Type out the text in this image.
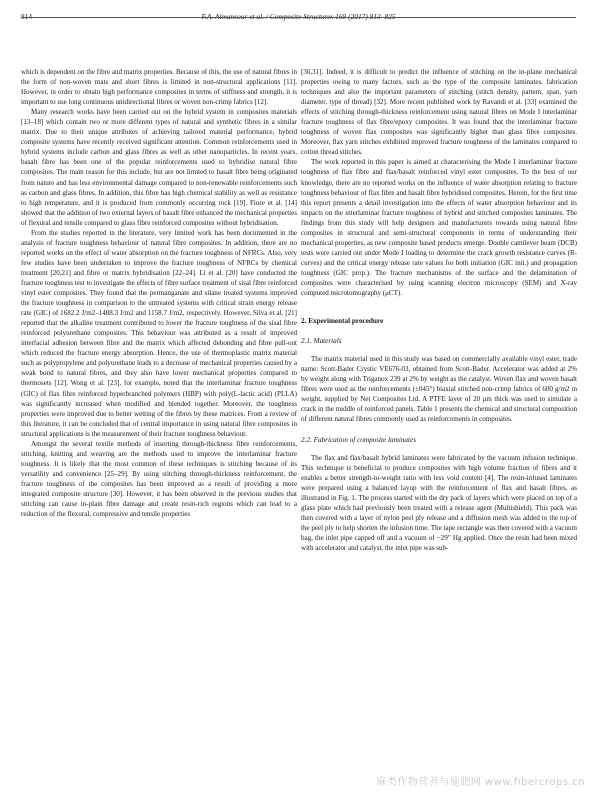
814	F.A. Almansour et al. / Composite Structures 168 (2017) 813–825

which is dependent on the fibre and matrix properties. Because of this, the use of natural fibres in the form of non-woven mats and short fibres is limited in non-structural applications [11]. However, in order to obtain high performance composites in terms of stiffness and strength, it is important to use long continuous unidirectional fibres or woven non-crimp fabrics [12].

Many research works have been carried out on the hybrid system in composites materials [13–18] which contain two or more different types of natural and synthetic fibres in a similar matrix. Due to their unique attributes of achieving tailored material performance, hybrid composite systems have recently received significant attention. Common reinforcements used in hybrid systems include carbon and glass fibres as well as other nanoparticles. In recent years, basalt fibre has been one of the popular reinforcements used to hybridise natural fibre composites. The main reason for this include, but are not limited to basalt fibre being originated from nature and has less environmental damage compared to non-renewable reinforcements such as carbon and glass fibres. In addition, this fibre has high chemical stability as well as resistance to high temperature, and it is produced from commonly occurring rock [19]. Fiore et al. [14] showed that the addition of two external layers of basalt fibre enhanced the mechanical properties of flexural and tensile compared to glass fibre reinforced composites without hybridisation.

From the studies reported in the literature, very limited work has been documented in the analysis of fracture toughness behaviour of natural fibre composites. In addition, there are no reported works on the effect of water absorption on the fracture toughness of NFRCs. Also, very few studies have been undertaken to improve the fracture toughness of NFRCs by chemical treatment [20,21] and fibre or matrix hybridisation [22–24]. Li et al. [20] have conducted the fracture toughness test to investigate the effects of fibre surface treatment of sisal fibre reinforced vinyl ester composites. They found that the permanganate and silane treated systems improved the fracture toughness in comparison to the untreated systems with critical strain energy release rate (GIC) of 1682.2 J/m2–1488.3 J/m2 and 1158.7 J/m2, respectively. However, Silva et al. [21] reported that the alkaline treatment contributed to lower the fracture toughness of the sisal fibre reinforced polyurethane composites. This behaviour was attributed as a result of improved interfacial adhesion between fibre and the matrix which affected debonding and fibre pull-out which reduced the fracture energy absorption. Hence, the use of thermoplastic matrix material such as polypropylene and polyurethane leads to a decrease of mechanical properties caused by a weak bond to natural fibres, and they also have lower mechanical properties compared to thermosets [12]. Wong et al. [23], for example, noted that the interlaminar fracture toughness (GIC) of flax fibre reinforced hyperbranched polymers (HBP) with poly(L-lactic acid) (PLLA) was significantly increased when modified and blended together. Moreover, the toughness properties were improved due to better wetting of the fibres by these matrices. From a review of this literature, it can be concluded that of central importance in using natural fibre composites in structural applications is the measurement of their fracture toughness behaviour.

Amongst the several textile methods of inserting through-thickness fibre reinforcements, stitching, knitting and weaving are the methods used to improve the interlaminar fracture toughness. It is likely that the most common of these techniques is stitching because of its versatility and convenience [25–29]. By using stitching through-thickness reinforcement, the fracture toughness of the composites has been improved as a result of providing a more integrated composite structure [30]. However, it has been observed in the previous studies that stitching can cause in-plain fibre damage and create resin-rich regions which can lead to a reduction of the flexural, compressive and tensile properties

[30,31]. Indeed, it is difficult to predict the influence of stitching on the in-plane mechanical properties owing to many factors, such as the type of the composite laminates, fabrication techniques and also the important parameters of stitching (stitch density, pattern, span, yarn diameter, type of thread) [32]. More recent published work by Ravandi et al. [33] examined the effects of stitching through-thickness reinforcement using natural fibres on Mode I interlaminar fracture toughness of flax fibre/epoxy composites. It was found that the interlaminar fracture toughness of woven flax composites was significantly higher than glass fibre composites. Moreover, flax yarn stitches exhibited improved fracture toughness of the laminates compared to cotton thread stitches.

The work reported in this paper is aimed at characterising the Mode I interlaminar fracture toughness of flax fibre and flax/basalt reinforced vinyl ester composites. To the best of our knowledge, there are no reported works on the influence of water absorption relating to fracture toughness behaviour of flax fibre and basalt fibre hybridised composites. Herein, for the first time this report presents a detail investigation into the effects of water absorption behaviour and its impacts on the interlaminar fracture toughness of hybrid and stitched composites laminates. The findings from this study will help designers and manufacturers towards using natural fibre composites in structural and semi-structural components in terms of understanding their mechanical properties, as new composite based products emerge. Double cantilever beam (DCB) tests were carried out under Mode I loading to determine the crack growth resistance curves (R-curves) and the critical energy release rate values for both initiation (GIC init.) and propagation toughness (GIC prop.). The fracture mechanisms of the surface and the delamination of composites were characterised by using scanning electron microscopy (SEM) and X-ray computed microtomography (μCT).

2. Experimental procedure
2.1. Materials

The matrix material used in this study was based on commercially available vinyl ester, trade name: Scott-Bader Crystic VE676-03, obtained from Scott-Bader. Accelerator was added at 2% by weight along with Triganox 239 at 2% by weight as the catalyst. Woven flax and woven basalt fibres were used as the reinforcements (±045°) biaxial stitched non-crimp fabrics of 600 g/m2 in weight, supplied by Net Composites Ltd. A PTFE layer of 20 μm thick was used to simulate a crack in the middle of reinforced panels. Table 1 presents the chemical and structural composition of different natural fibres commonly used as reinforcements in composites.

2.2. Fabrication of composite laminates

The flax and flax/basalt hybrid laminates were fabricated by the vacuum infusion technique. This technique is beneficial to produce composites with high volume fraction of fibres and it enables a better strength-to-weight ratio with less void content [4]. The resin-infused laminates were prepared using a balanced layup with the reinforcement of flax and basalt fibres, as illustrated in Fig. 1. The process started with the dry pack of layers which were placed on top of a glass plate which had previously been treated with a release agent (Multishield). This pack was then covered with a layer of nylon peel ply release and a diffusion mesh was added to the top of the peel ply to help shorten the infusion time. The tape rectangle was then covered with a vacuum bag, the inlet pipe capped off and a vacuum of −29″ Hg applied. Once the resin had been mixed with accelerator and catalyst, the inlet pipe was sub-

麻类作物营养与施肥网 www.fibercrops.cn
